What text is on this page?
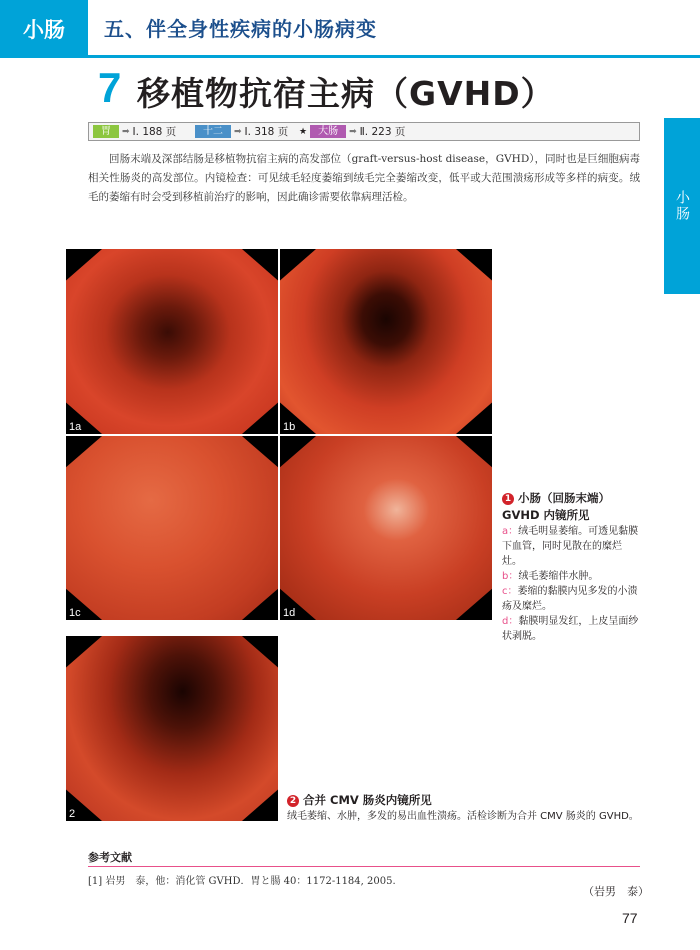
小肠	五、伴全身性疾病的小肠病变
7 移植物抗宿主病（GVHD）
胃	➡ Ⅰ. 188 页	十二	➡ Ⅰ. 318 页 ★	大肠	➡ Ⅱ. 223 页
回肠末端及深部结肠是移植物抗宿主病的高发部位（graft-versus-host disease，GVHD），同时也是巨细胞病毒相关性肠炎的高发部位。内镜检查：可见绒毛轻度萎缩到绒毛完全萎缩改变，低平或大范围溃疡形成等多样的病变。绒毛的萎缩有时会受到移植前治疗的影响，因此确诊需要依靠病理活检。	小肠
1a	1b
1c	1d
2
1 小肠（回肠末端）GVHD 内镜所见
a：绒毛明显萎缩。可透见黏膜下血管，同时见散在的糜烂灶。
b：绒毛萎缩伴水肿。
c：萎缩的黏膜内见多发的小溃疡及糜烂。
d：黏膜明显发红，上皮呈面纱状剥脱。
2 合并 CMV 肠炎内镜所见
绒毛萎缩、水肿，多发的易出血性溃疡。活检诊断为合并 CMV 肠炎的 GVHD。
参考文献
[1] 岩男　泰，他：消化管 GVHD．胃と腸 40：1172-1184, 2005.
（岩男　泰）
77
